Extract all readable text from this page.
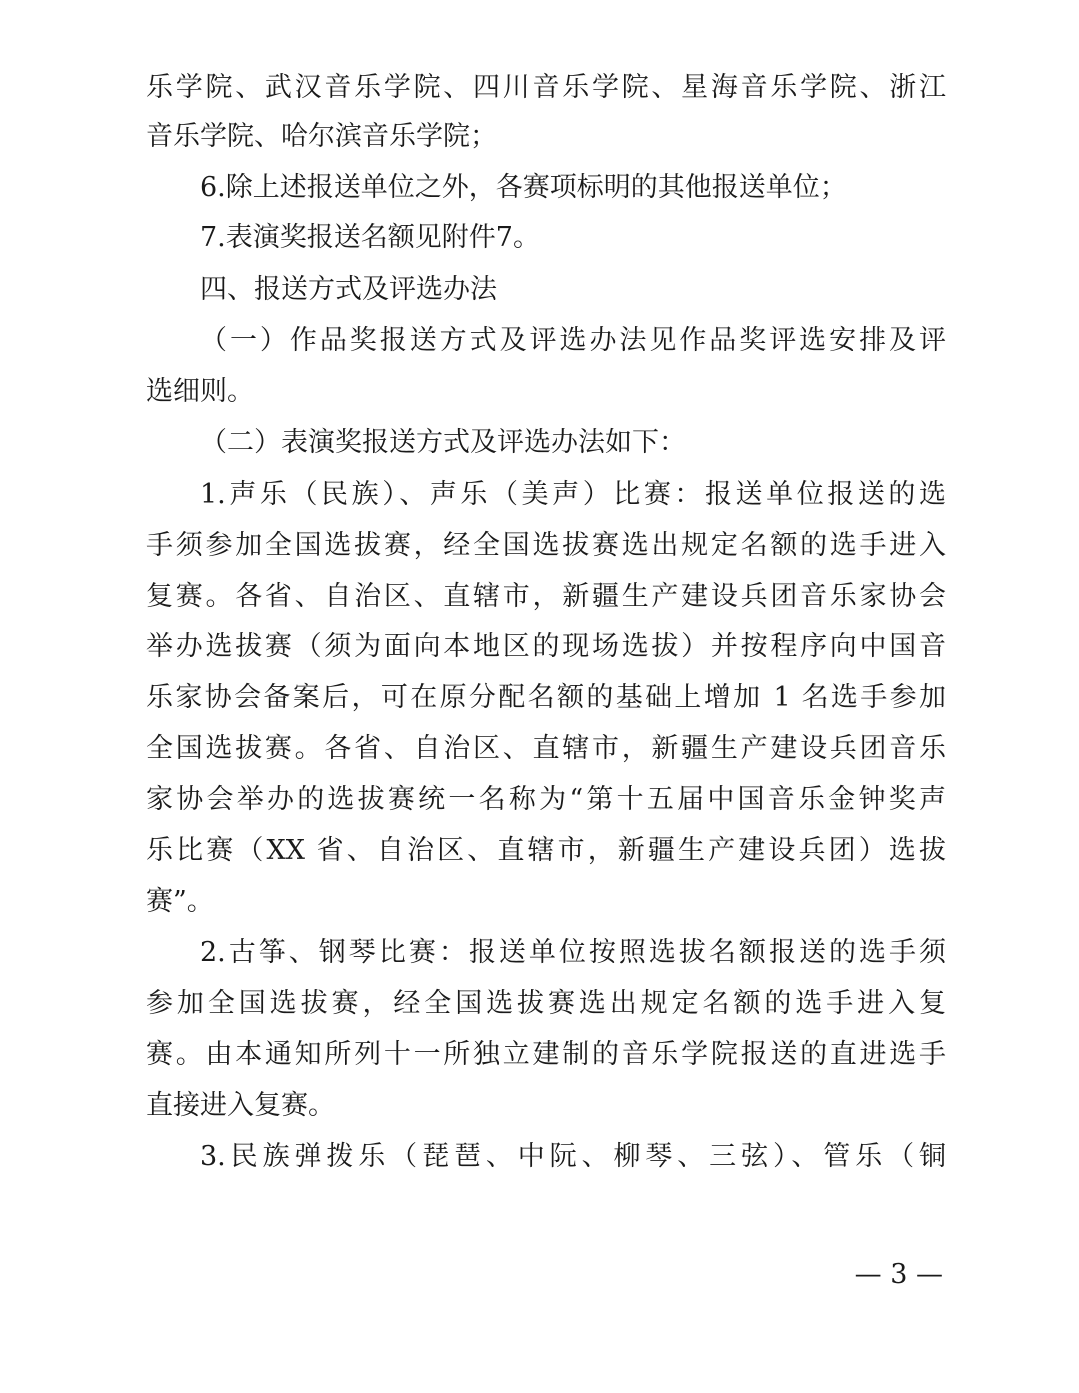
乐学院、武汉音乐学院、四川音乐学院、星海音乐学院、浙江
音乐学院、哈尔滨音乐学院；
6.除上述报送单位之外，各赛项标明的其他报送单位；
7.表演奖报送名额见附件7。
四、报送方式及评选办法
（一）作品奖报送方式及评选办法见作品奖评选安排及评
选细则。
（二）表演奖报送方式及评选办法如下：
1.声乐（民族）、声乐（美声）比赛：报送单位报送的选
手须参加全国选拔赛，经全国选拔赛选出规定名额的选手进入
复赛。各省、自治区、直辖市，新疆生产建设兵团音乐家协会
举办选拔赛（须为面向本地区的现场选拔）并按程序向中国音
乐家协会备案后，可在原分配名额的基础上增加 1 名选手参加
全国选拔赛。各省、自治区、直辖市，新疆生产建设兵团音乐
家协会举办的选拔赛统一名称为“第十五届中国音乐金钟奖声
乐比赛（XX 省、自治区、直辖市，新疆生产建设兵团）选拔
赛”。
2.古筝、钢琴比赛：报送单位按照选拔名额报送的选手须
参加全国选拔赛，经全国选拔赛选出规定名额的选手进入复
赛。由本通知所列十一所独立建制的音乐学院报送的直进选手
直接进入复赛。
3.民族弹拨乐（琵琶、中阮、柳琴、三弦）、管乐（铜
— 3 —
